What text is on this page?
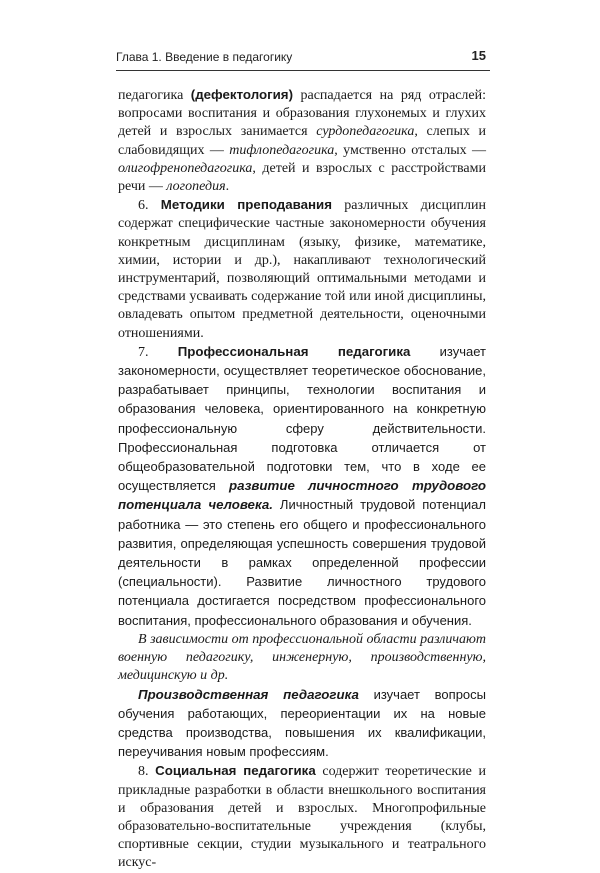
Глава 1. Введение в педагогику	15

педагогика (дефектология) распадается на ряд отраслей: вопросами воспитания и образования глухонемых и глухих детей и взрослых занимается сурдопедагогика, слепых и слабовидящих — тифлопедагогика, умственно отсталых — олигофренопедагогика, детей и взрослых с расстройствами речи — логопедия.

6. Методики преподавания различных дисциплин содержат специфические частные закономерности обучения конкретным дисциплинам (языку, физике, математике, химии, истории и др.), накапливают технологический инструментарий, позволяющий оптимальными методами и средствами усваивать содержание той или иной дисциплины, овладевать опытом предметной деятельности, оценочными отношениями.

7. Профессиональная педагогика изучает закономерности, осуществляет теоретическое обоснование, разрабатывает принципы, технологии воспитания и образования человека, ориентированного на конкретную профессиональную сферу действительности. Профессиональная подготовка отличается от общеобразовательной подготовки тем, что в ходе ее осуществляется развитие личностного трудового потенциала человека. Личностный трудовой потенциал работника — это степень его общего и профессионального развития, определяющая успешность совершения трудовой деятельности в рамках определенной профессии (специальности). Развитие личностного трудового потенциала достигается посредством профессионального воспитания, профессионального образования и обучения.

В зависимости от профессиональной области различают военную педагогику, инженерную, производственную, медицинскую и др.

Производственная педагогика изучает вопросы обучения работающих, переориентации их на новые средства производства, повышения их квалификации, переучивания новым профессиям.

8. Социальная педагогика содержит теоретические и прикладные разработки в области внешкольного воспитания и образования детей и взрослых. Многопрофильные образовательно-воспитательные учреждения (клубы, спортивные секции, студии музыкального и театрального искус-
